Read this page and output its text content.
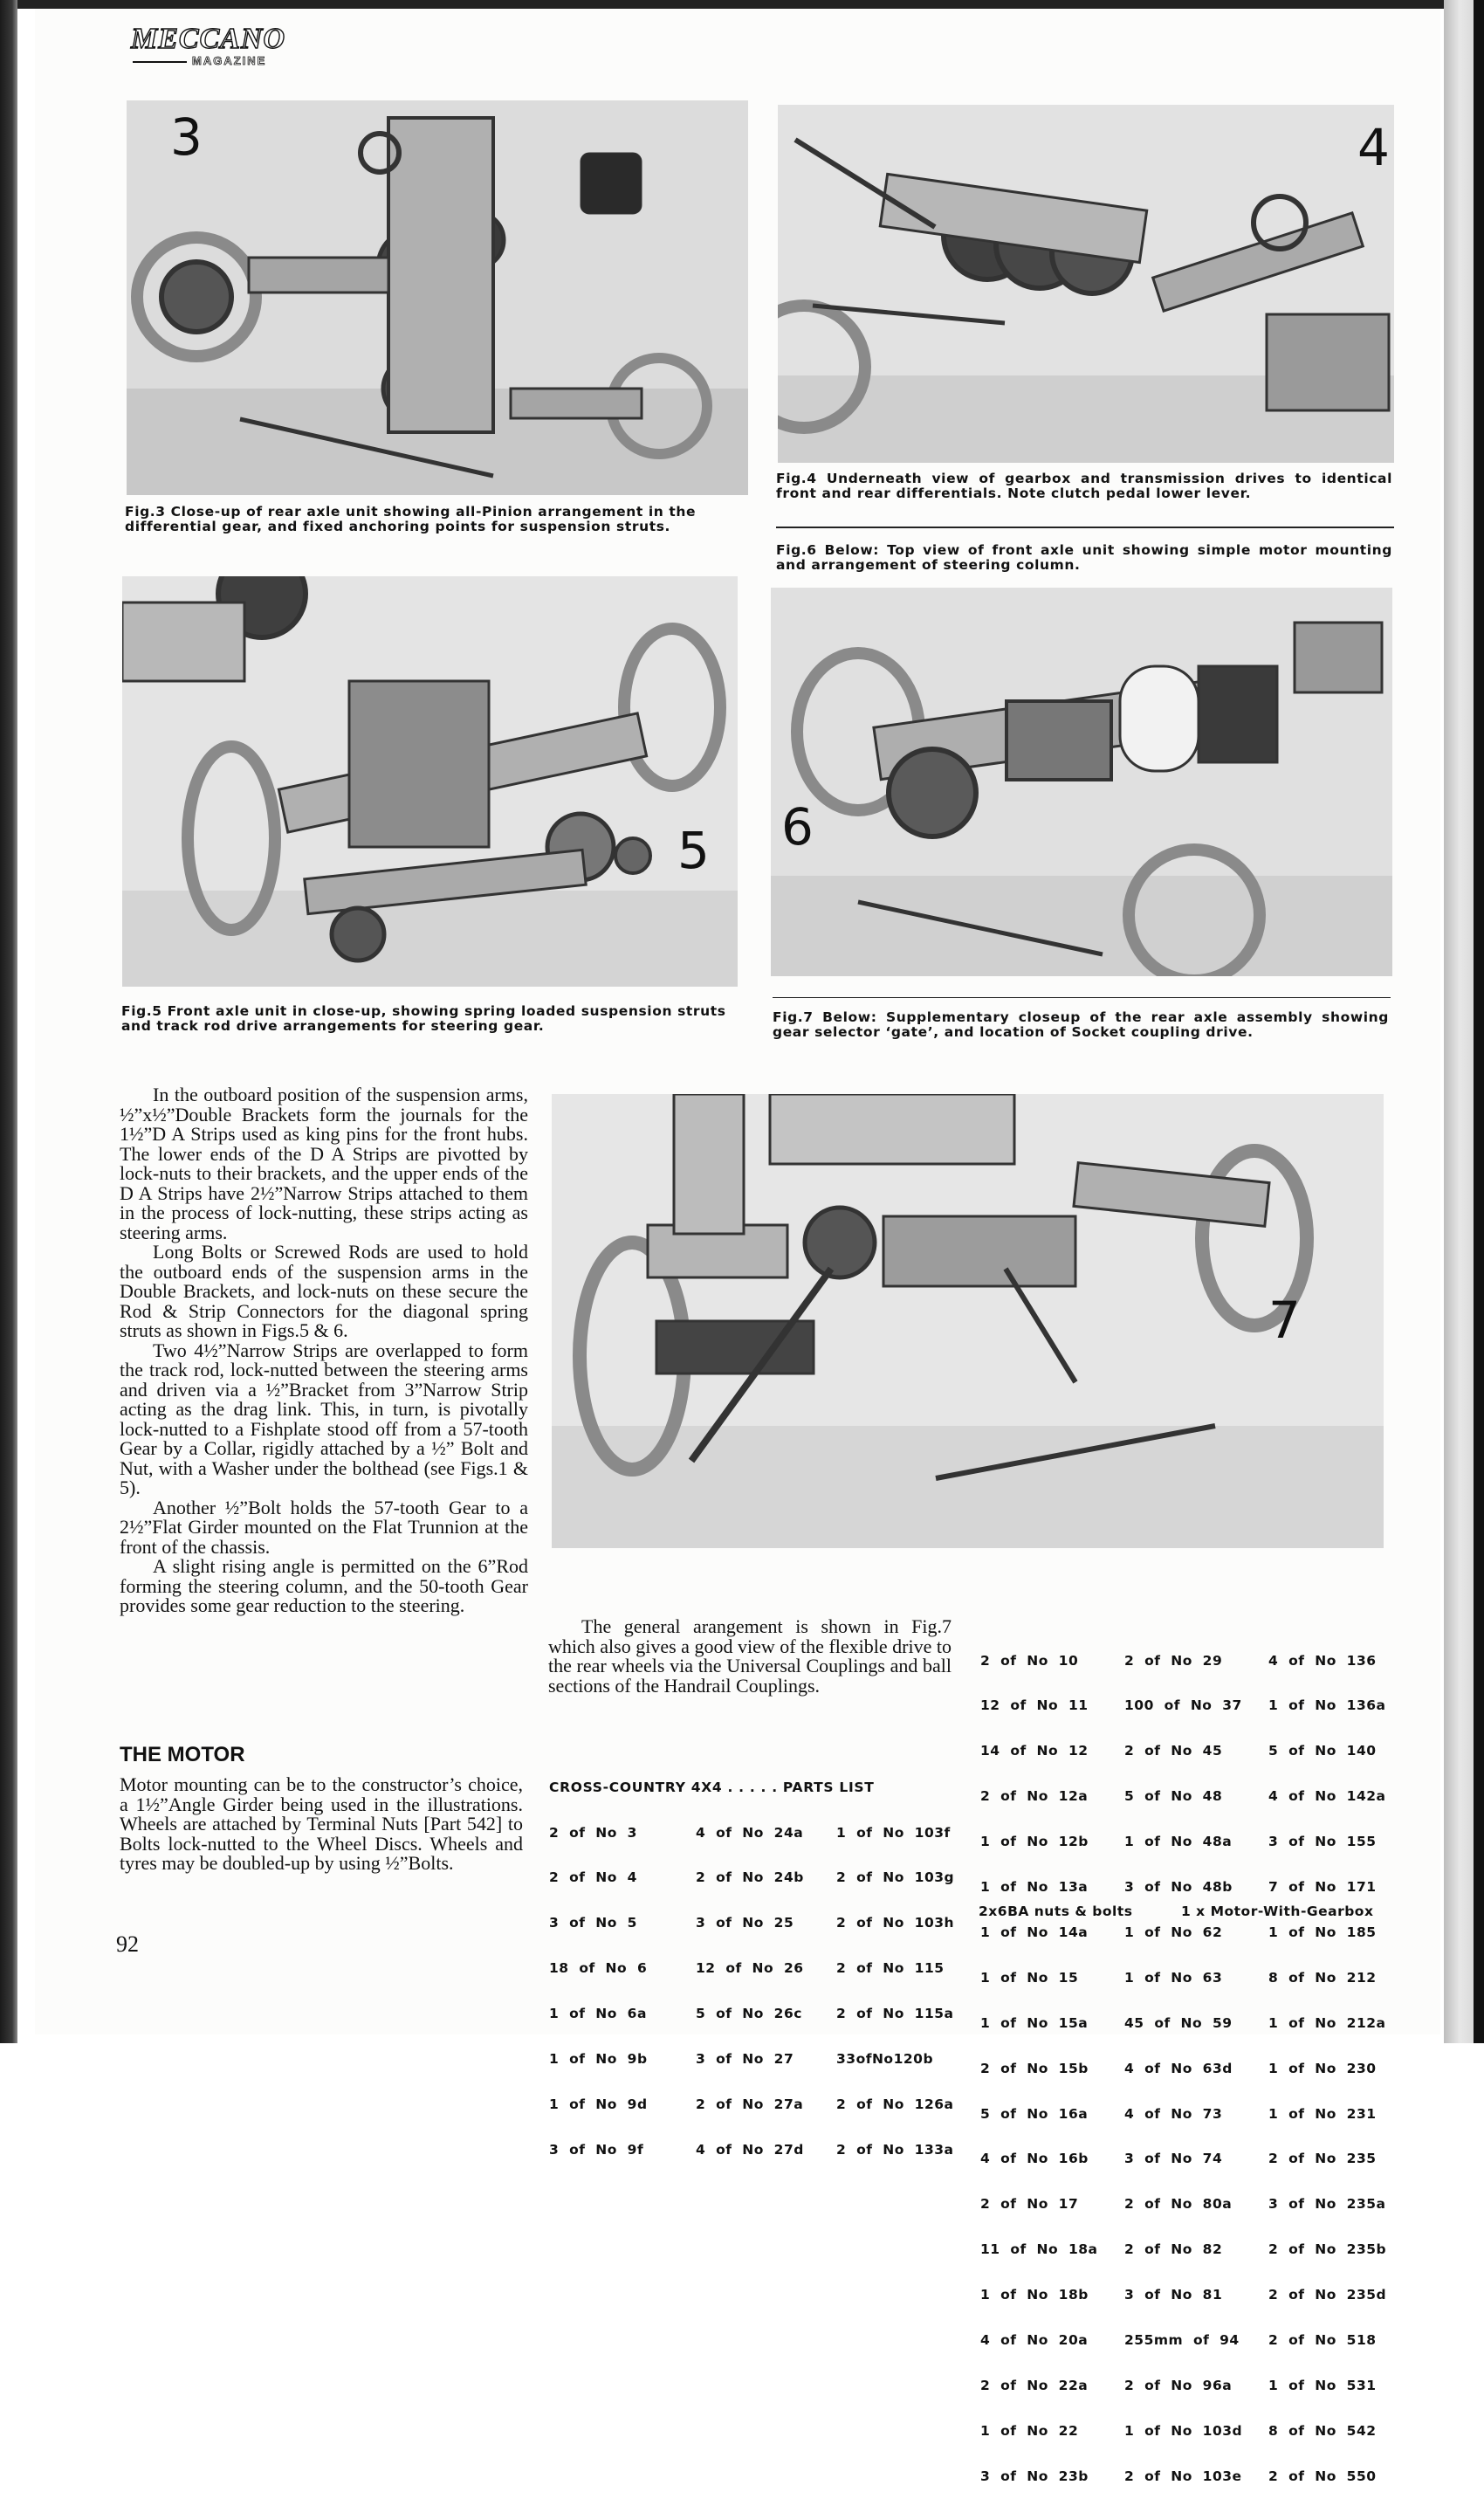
MECCANO
MAGAZINE
3
Fig.3 Close-up of rear axle unit showing all-Pinion arrangement in the differential gear, and fixed anchoring points for suspension struts.
4
Fig.4 Underneath view of gearbox and transmission drives to identical front and rear differentials. Note clutch pedal lower lever.
Fig.6 Below: Top view of front axle unit showing simple motor mounting and arrangement of steering column.
5
Fig.5 Front axle unit in close-up, showing spring loaded suspension struts and track rod drive arrangements for steering gear.
6
Fig.7 Below: Supplementary closeup of the rear axle assembly showing gear selector ‘gate’, and location of Socket coupling drive.
7

In the outboard position of the suspension arms, ½”x½”Double Brackets form the journals for the 1½”D A Strips used as king pins for the front hubs. The lower ends of the D A Strips are pivotted by lock-nuts to their brackets, and the upper ends of the D A Strips have 2½”Narrow Strips attached to them in the process of lock-nutting, these strips acting as steering arms.

Long Bolts or Screwed Rods are used to hold the outboard ends of the suspension arms in the Double Brackets, and lock-nuts on these secure the Rod & Strip Connectors for the diagonal spring struts as shown in Figs.5 & 6.

Two 4½”Narrow Strips are overlapped to form the track rod, lock-nutted between the steering arms and driven via a ½”Bracket from 3”Narrow Strip acting as the drag link. This, in turn, is pivotally lock-nutted to a Fishplate stood off from a 57-tooth Gear by a Collar, rigidly attached by a ½” Bolt and Nut, with a Washer under the bolthead (see Figs.1 & 5).

Another ½”Bolt holds the 57-tooth Gear to a 2½”Flat Girder mounted on the Flat Trunnion at the front of the chassis.

A slight rising angle is permitted on the 6”Rod forming the steering column, and the 50-tooth Gear provides some gear reduction to the steering.

THE MOTOR

Motor mounting can be to the constructor’s choice, a 1½”Angle Girder being used in the illustrations. Wheels are attached by Terminal Nuts [Part 542] to Bolts lock-nutted to the Wheel Discs. Wheels and tyres may be doubled-up by using ½”Bolts.

The general arangement is shown in Fig.7 which also gives a good view of the flexible drive to the rear wheels via the Universal Couplings and ball sections of the Handrail Couplings.

CROSS-COUNTRY 4X4 . . . . . PARTS LIST

2  of  No  3

2  of  No  4

3  of  No  5

18  of  No  6

1  of  No  6a

1  of  No  9b

1  of  No  9d

3  of  No  9f

4  of  No  24a

2  of  No  24b

3  of  No  25

12  of  No  26

5  of  No  26c

3  of  No  27

2  of  No  27a

4  of  No  27d

1  of  No  103f

2  of  No  103g

2  of  No  103h

2  of  No  115

2  of  No  115a

33ofNo120b

2  of  No  126a

2  of  No  133a

2  of  No  10

12  of  No  11

14  of  No  12

2  of  No  12a

1  of  No  12b

1  of  No  13a

1  of  No  14a

1  of  No  15

1  of  No  15a

2  of  No  15b

5  of  No  16a

4  of  No  16b

2  of  No  17

11  of  No  18a

1  of  No  18b

4  of  No  20a

2  of  No  22a

1  of  No  22

3  of  No  23b

2  of  No  29

100  of  No  37

2  of  No  45

5  of  No  48

1  of  No  48a

3  of  No  48b

1  of  No  62

1  of  No  63

45  of  No  59

4  of  No  63d

4  of  No  73

3  of  No  74

2  of  No  80a

2  of  No  82

3  of  No  81

255mm  of  94

2  of  No  96a

1  of  No  103d

2  of  No  103e

4  of  No  136

1  of  No  136a

5  of  No  140

4  of  No  142a

3  of  No  155

7  of  No  171

1  of  No  185

8  of  No  212

1  of  No  212a

1  of  No  230

1  of  No  231

2  of  No  235

3  of  No  235a

2  of  No  235b

2  of  No  235d

2  of  No  518

1  of  No  531

8  of  No  542

2  of  No  550

2x6BA nuts & bolts	1 x Motor-With-Gearbox
92
